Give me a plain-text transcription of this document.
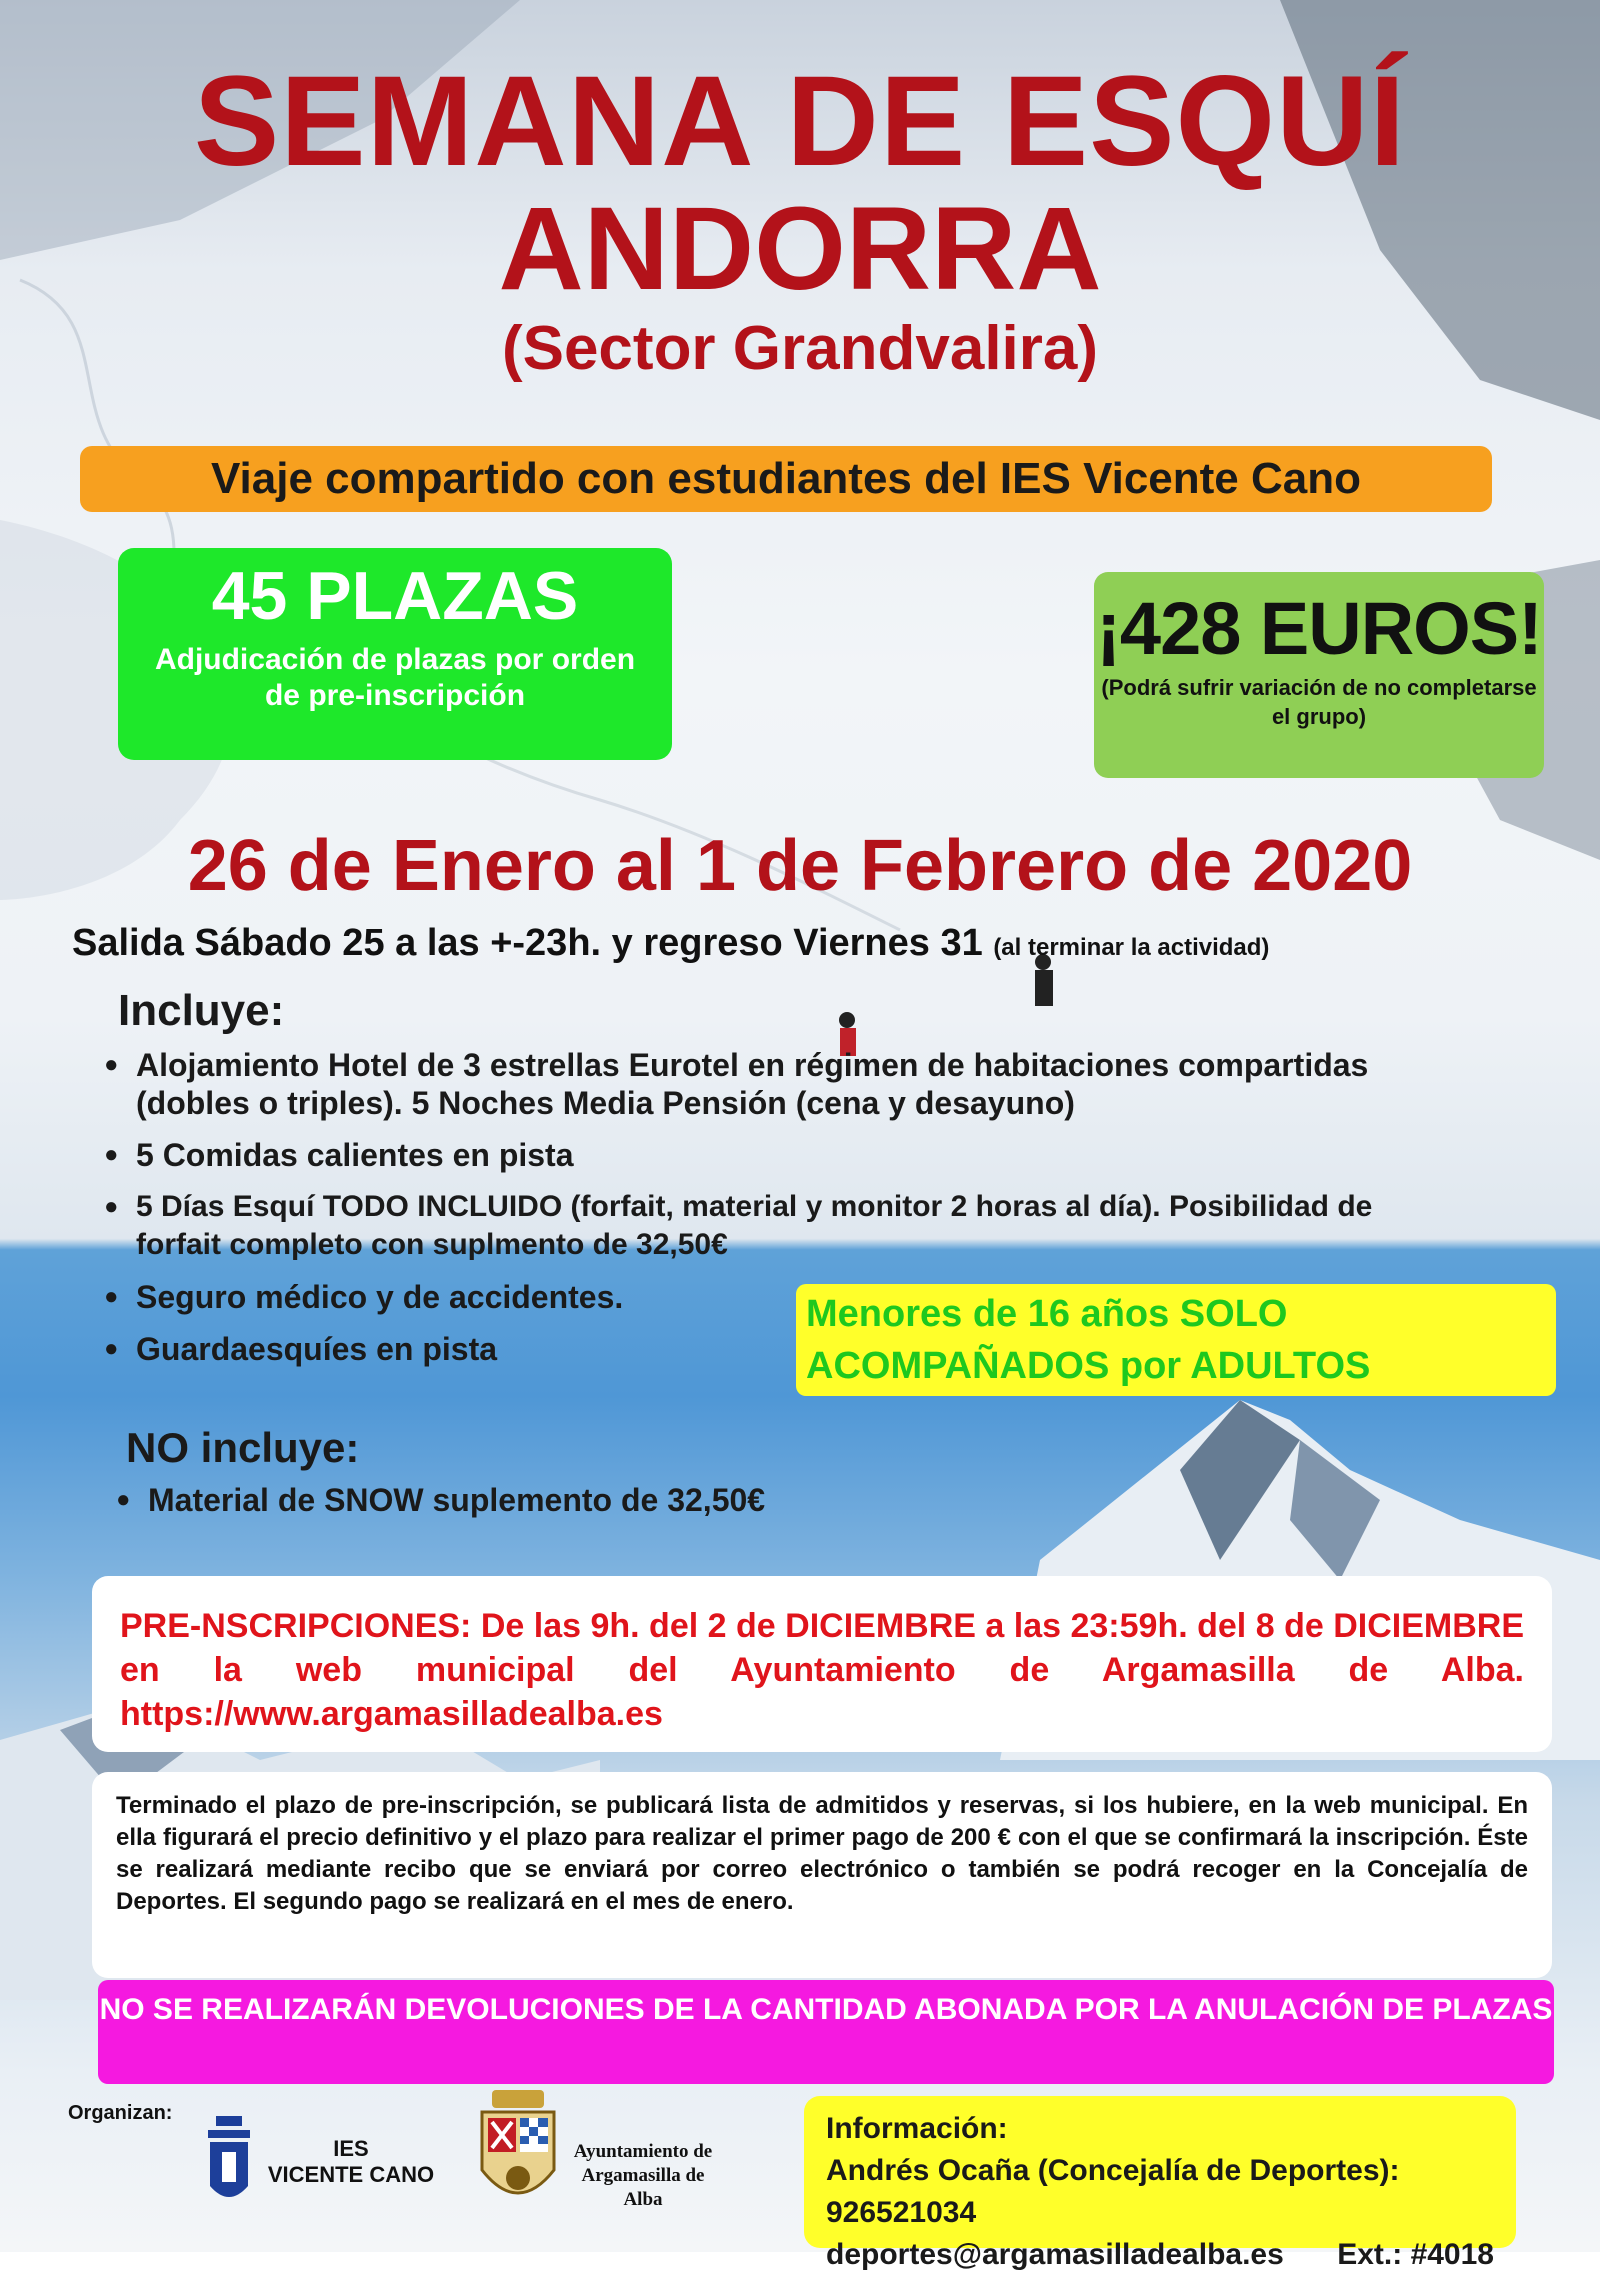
SEMANA DE ESQUÍ
ANDORRA
(Sector Grandvalira)
Viaje compartido con estudiantes del IES Vicente Cano
45 PLAZAS
Adjudicación de plazas por orden de pre-inscripción
¡428 EUROS!
(Podrá sufrir variación de no completarse el grupo)
26 de Enero al 1 de Febrero de 2020
Salida Sábado 25 a las +-23h. y regreso Viernes 31 (al terminar la actividad)
Incluye:
● Alojamiento Hotel de 3 estrellas Eurotel en régimen de habitaciones compartidas (dobles o triples). 5 Noches Media Pensión (cena y desayuno)
● 5 Comidas calientes en pista
● 5 Días Esquí TODO INCLUIDO (forfait, material y monitor 2 horas al día). Posibilidad de forfait completo con suplmento de 32,50€
● Seguro médico y de accidentes.
● Guardaesquíes en pista
Menores de 16 años SOLO ACOMPAÑADOS por ADULTOS
NO incluye:
● Material de SNOW suplemento de 32,50€
PRE-NSCRIPCIONES: De las 9h. del 2 de DICIEMBRE a las 23:59h. del 8 de DICIEMBRE en la web municipal del Ayuntamiento de Argamasilla de Alba. https://www.argamasilladealba.es
Terminado el plazo de pre-inscripción, se publicará lista de admitidos y reservas, si los hubiere, en la web municipal. En ella figurará el precio definitivo y el plazo para realizar el primer pago de 200 € con el que se confirmará la inscripción. Éste se realizará mediante recibo que se enviará por correo electrónico o también se podrá recoger en la Concejalía de Deportes. El segundo pago se realizará en el mes de enero.
NO SE REALIZARÁN DEVOLUCIONES DE LA CANTIDAD ABONADA POR LA ANULACIÓN DE PLAZAS
Organizan:
IES
VICENTE CANO
Ayuntamiento de
Argamasilla de Alba
Información:
Andrés Ocaña (Concejalía de Deportes): 926521034
deportes@argamasilladealba.es Ext.: #4018
